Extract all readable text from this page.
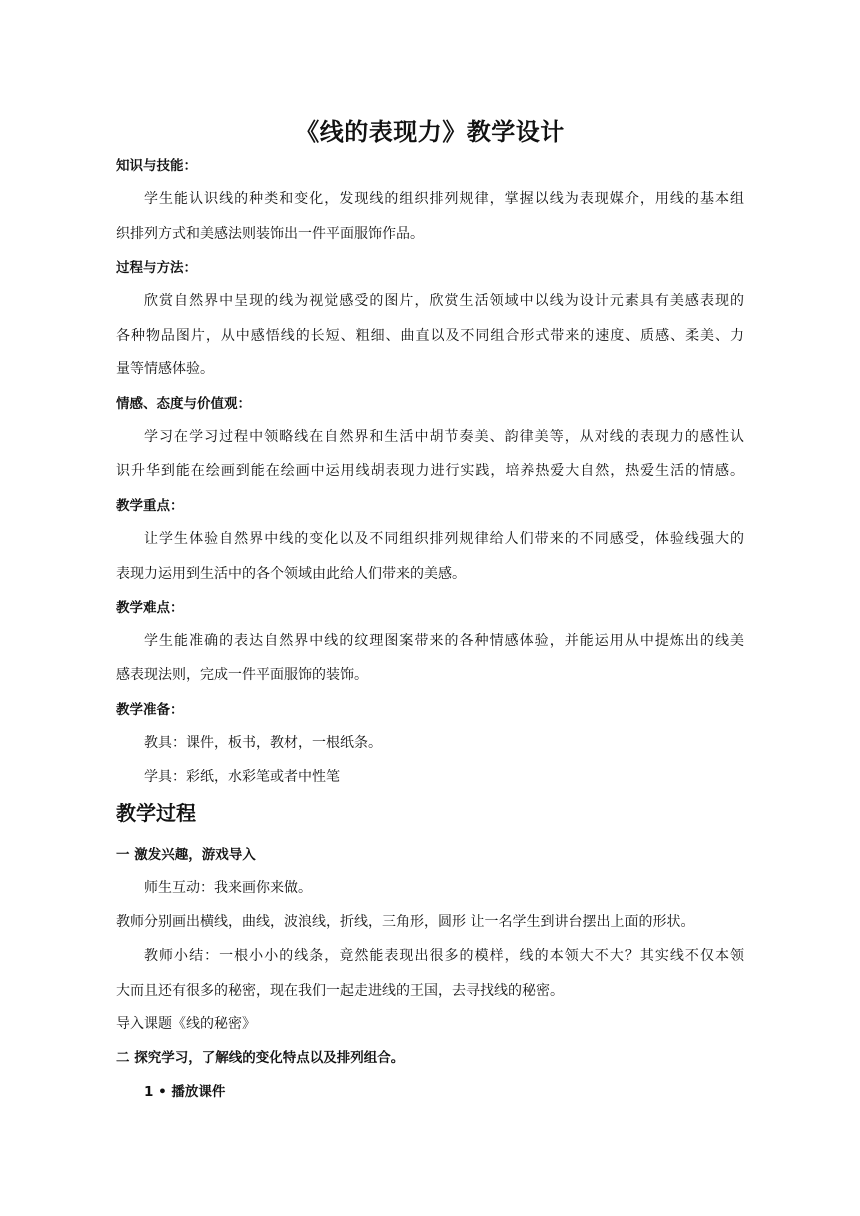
《线的表现力》教学设计
知识与技能：
学生能认识线的种类和变化，发现线的组织排列规律，掌握以线为表现媒介，用线的基本组
织排列方式和美感法则装饰出一件平面服饰作品。
过程与方法：
欣赏自然界中呈现的线为视觉感受的图片，欣赏生活领域中以线为设计元素具有美感表现的
各种物品图片，从中感悟线的长短、粗细、曲直以及不同组合形式带来的速度、质感、柔美、力
量等情感体验。
情感、态度与价值观：
学习在学习过程中领略线在自然界和生活中胡节奏美、韵律美等，从对线的表现力的感性认
识升华到能在绘画到能在绘画中运用线胡表现力进行实践，培养热爱大自然，热爱生活的情感。
教学重点：
让学生体验自然界中线的变化以及不同组织排列规律给人们带来的不同感受，体验线强大的
表现力运用到生活中的各个领域由此给人们带来的美感。
教学难点：
学生能准确的表达自然界中线的纹理图案带来的各种情感体验，并能运用从中提炼出的线美
感表现法则，完成一件平面服饰的装饰。
教学准备：
教具：课件，板书，教材，一根纸条。
学具：彩纸，水彩笔或者中性笔
教学过程
一 激发兴趣，游戏导入
师生互动：我来画你来做。
教师分别画出横线，曲线，波浪线，折线，三角形，圆形 让一名学生到讲台摆出上面的形状。
教师小结：一根小小的线条，竟然能表现出很多的模样，线的本领大不大？其实线不仅本领
大而且还有很多的秘密，现在我们一起走进线的王国，去寻找线的秘密。
导入课题《线的秘密》
二 探究学习，了解线的变化特点以及排列组合。
1 • 播放课件
